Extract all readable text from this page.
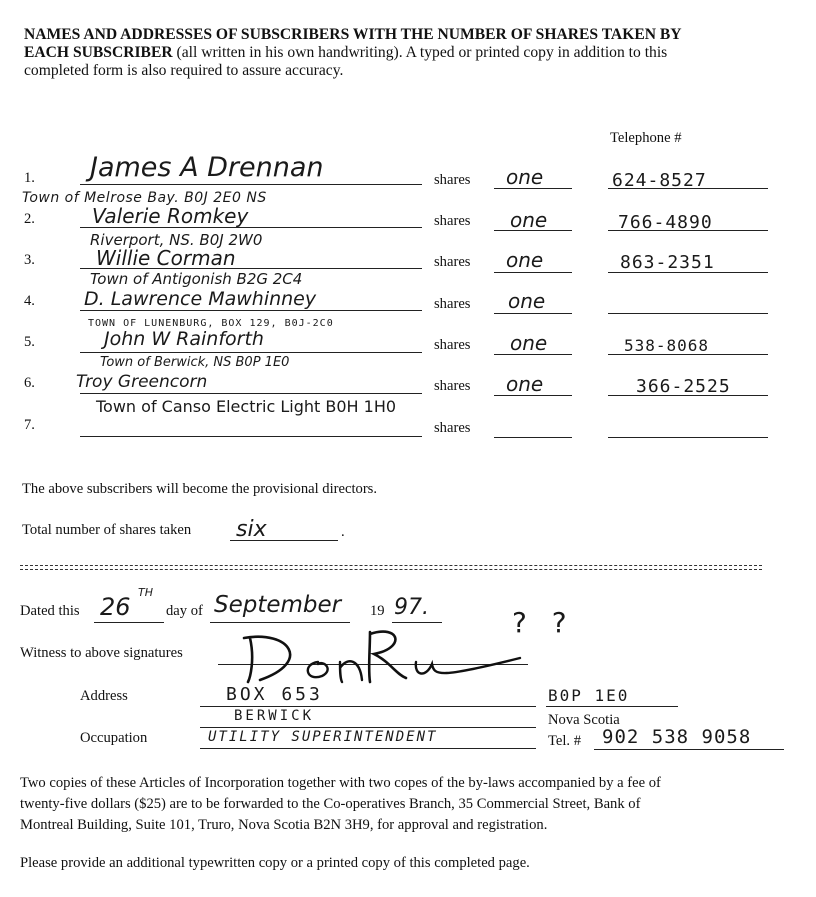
NAMES AND ADDRESSES OF SUBSCRIBERS WITH THE NUMBER OF SHARES TAKEN BY
EACH SUBSCRIBER (all written in his own handwriting). A typed or printed copy in addition to this
completed form is also required to assure accuracy.
Telephone #
1. James A Drennan
Town of Melrose Bay. B0J 2E0 NS
shares one	624-8527
2.	Valerie Romkey
Riverport, NS. B0J 2W0
shares one	766-4890
3.	Willie Corman
Town of Antigonish B2G 2C4
shares one	863-2351
4.	D. Lawrence Mawhinney
TOWN OF LUNENBURG, BOX 129, B0J-2C0
shares one
5.	John W Rainforth
Town of Berwick, NS B0P 1E0
shares one	538-8068
6. Troy Greencorn
Town of Canso Electric Light B0H 1H0
shares one	366-2525
7.	shares
The above subscribers will become the provisional directors.
Total number of shares taken six	.
Dated this 26
TH
day of September 19 97.
Witness to above signatures
? ?
Address	BOX 653	B0P 1E0
BERWICK	Nova Scotia
Occupation	UTILITY SUPERINTENDENT	Tel. # 902 538 9058
Two copies of these Articles of Incorporation together with two copes of the by-laws accompanied by a fee of
twenty-five dollars ($25) are to be forwarded to the Co-operatives Branch, 35 Commercial Street, Bank of
Montreal Building, Suite 101, Truro, Nova Scotia B2N 3H9, for approval and registration.
Please provide an additional typewritten copy or a printed copy of this completed page.
